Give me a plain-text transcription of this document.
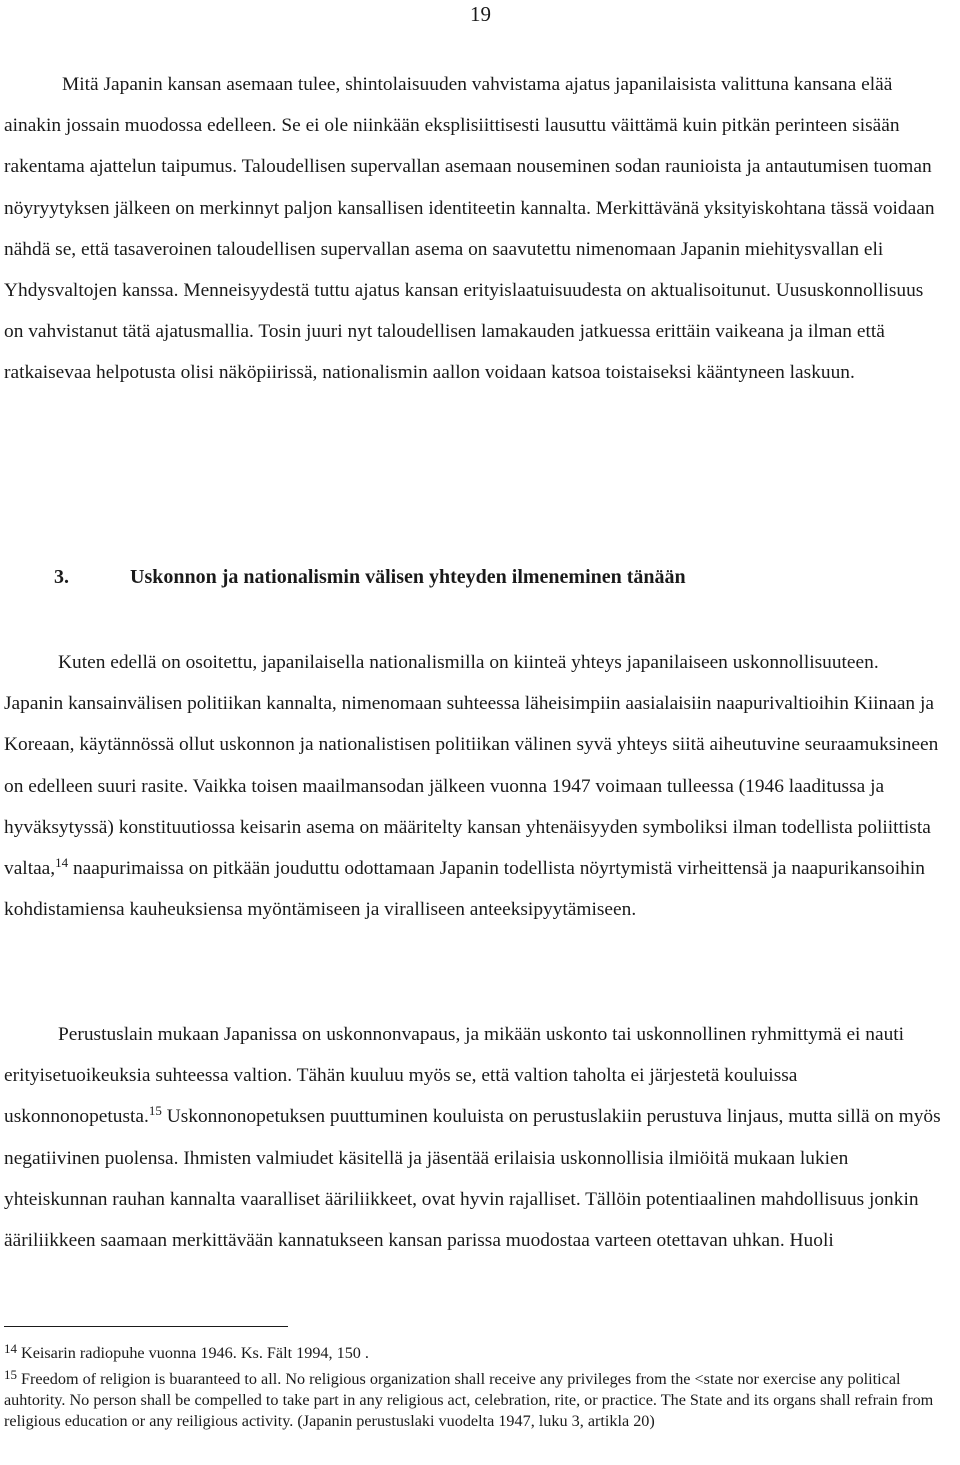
19

Mitä Japanin kansan asemaan tulee, shintolaisuuden vahvistama ajatus japanilaisista valittuna kansana elää ainakin jossain muodossa edelleen. Se ei ole niinkään eksplisiittisesti lausuttu väittämä kuin pitkän perinteen sisään rakentama ajattelun taipumus. Taloudellisen supervallan asemaan nouseminen sodan raunioista ja antautumisen tuoman nöyryytyksen jälkeen on merkinnyt paljon kansallisen identiteetin kannalta. Merkittävänä yksityiskohtana tässä voidaan nähdä se, että tasaveroinen taloudellisen supervallan asema on saavutettu nimenomaan Japanin miehitysvallan eli Yhdysvaltojen kanssa. Menneisyydestä tuttu ajatus kansan erityislaatuisuudesta on aktualisoitunut. Uususkonnollisuus on vahvistanut tätä ajatusmallia. Tosin juuri nyt taloudellisen lamakauden jatkuessa erittäin vaikeana ja ilman että ratkaisevaa helpotusta olisi näköpiirissä, nationalismin aallon voidaan katsoa toistaiseksi kääntyneen laskuun.

3.	Uskonnon ja nationalismin välisen yhteyden ilmeneminen tänään

Kuten edellä on osoitettu, japanilaisella nationalismilla on kiinteä yhteys japanilaiseen uskonnollisuuteen. Japanin kansainvälisen politiikan kannalta, nimenomaan suhteessa läheisimpiin aasialaisiin naapurivaltioihin Kiinaan ja Koreaan, käytännössä ollut uskonnon ja nationalistisen politiikan välinen syvä yhteys siitä aiheutuvine seuraamuksineen on edelleen suuri rasite. Vaikka toisen maailmansodan jälkeen vuonna 1947 voimaan tulleessa (1946 laaditussa ja hyväksytyssä) konstituutiossa keisarin asema on määritelty kansan yhtenäisyyden symboliksi ilman todellista poliittista valtaa,$^{14}$ naapurimaissa on pitkään jouduttu odottamaan Japanin todellista nöyrtymistä virheittensä ja naapurikansoihin kohdistamiensa kauheuksiensa myöntämiseen ja viralliseen anteeksipyytämiseen.

Perustuslain mukaan Japanissa on uskonnonvapaus, ja mikään uskonto tai uskonnollinen ryhmittymä ei nauti erityisetuoikeuksia suhteessa valtion. Tähän kuuluu myös se, että valtion taholta ei järjestetä kouluissa uskonnonopetusta.$^{15}$ Uskonnonopetuksen puuttuminen kouluista on perustuslakiin perustuva linjaus, mutta sillä on myös negatiivinen puolensa. Ihmisten valmiudet käsitellä ja jäsentää erilaisia uskonnollisia ilmiöitä mukaan lukien yhteiskunnan rauhan kannalta vaaralliset ääriliikkeet, ovat hyvin rajalliset. Tällöin potentiaalinen mahdollisuus jonkin ääriliikkeen saamaan merkittävään kannatukseen kansan parissa muodostaa varteen otettavan uhkan. Huoli

$^{14}$ Keisarin radiopuhe vuonna 1946. Ks. Fält 1994, 150 .

$^{15}$ Freedom of religion is buaranteed to all. No religious organization shall receive any privileges from the <state nor exercise any political auhtority. No person shall be compelled to take part in any religious act, celebration, rite, or practice. The State and its organs shall refrain from religious education or any reiligious activity. (Japanin perustuslaki vuodelta 1947, luku 3, artikla 20)
